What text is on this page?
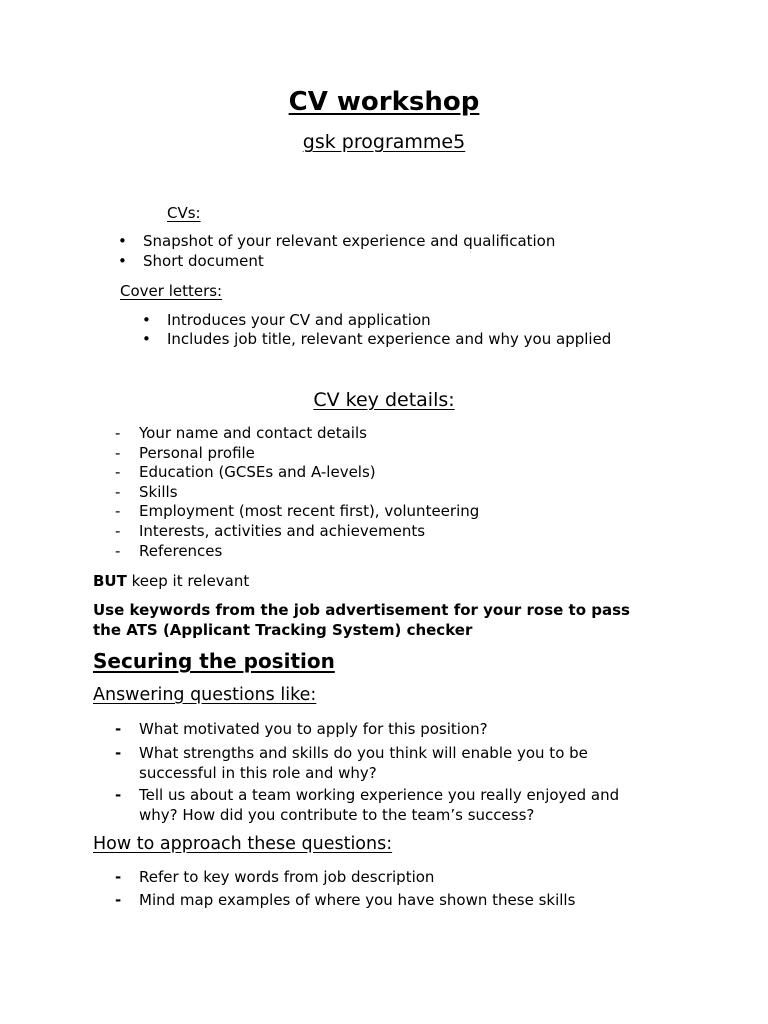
CV workshop
gsk programme5
CVs:
• Snapshot of your relevant experience and qualification
• Short document
Cover letters:
• Introduces your CV and application
• Includes job title, relevant experience and why you applied
CV key details:
- Your name and contact details
- Personal profile
- Education (GCSEs and A-levels)
- Skills
- Employment (most recent first), volunteering
- Interests, activities and achievements
- References
BUT keep it relevant
Use keywords from the job advertisement for your rose to pass
the ATS (Applicant Tracking System) checker
Securing the position
Answering questions like:
- What motivated you to apply for this position?
- What strengths and skills do you think will enable you to be
successful in this role and why?
- Tell us about a team working experience you really enjoyed and
why? How did you contribute to the team’s success?
How to approach these questions:
- Refer to key words from job description
- Mind map examples of where you have shown these skills
